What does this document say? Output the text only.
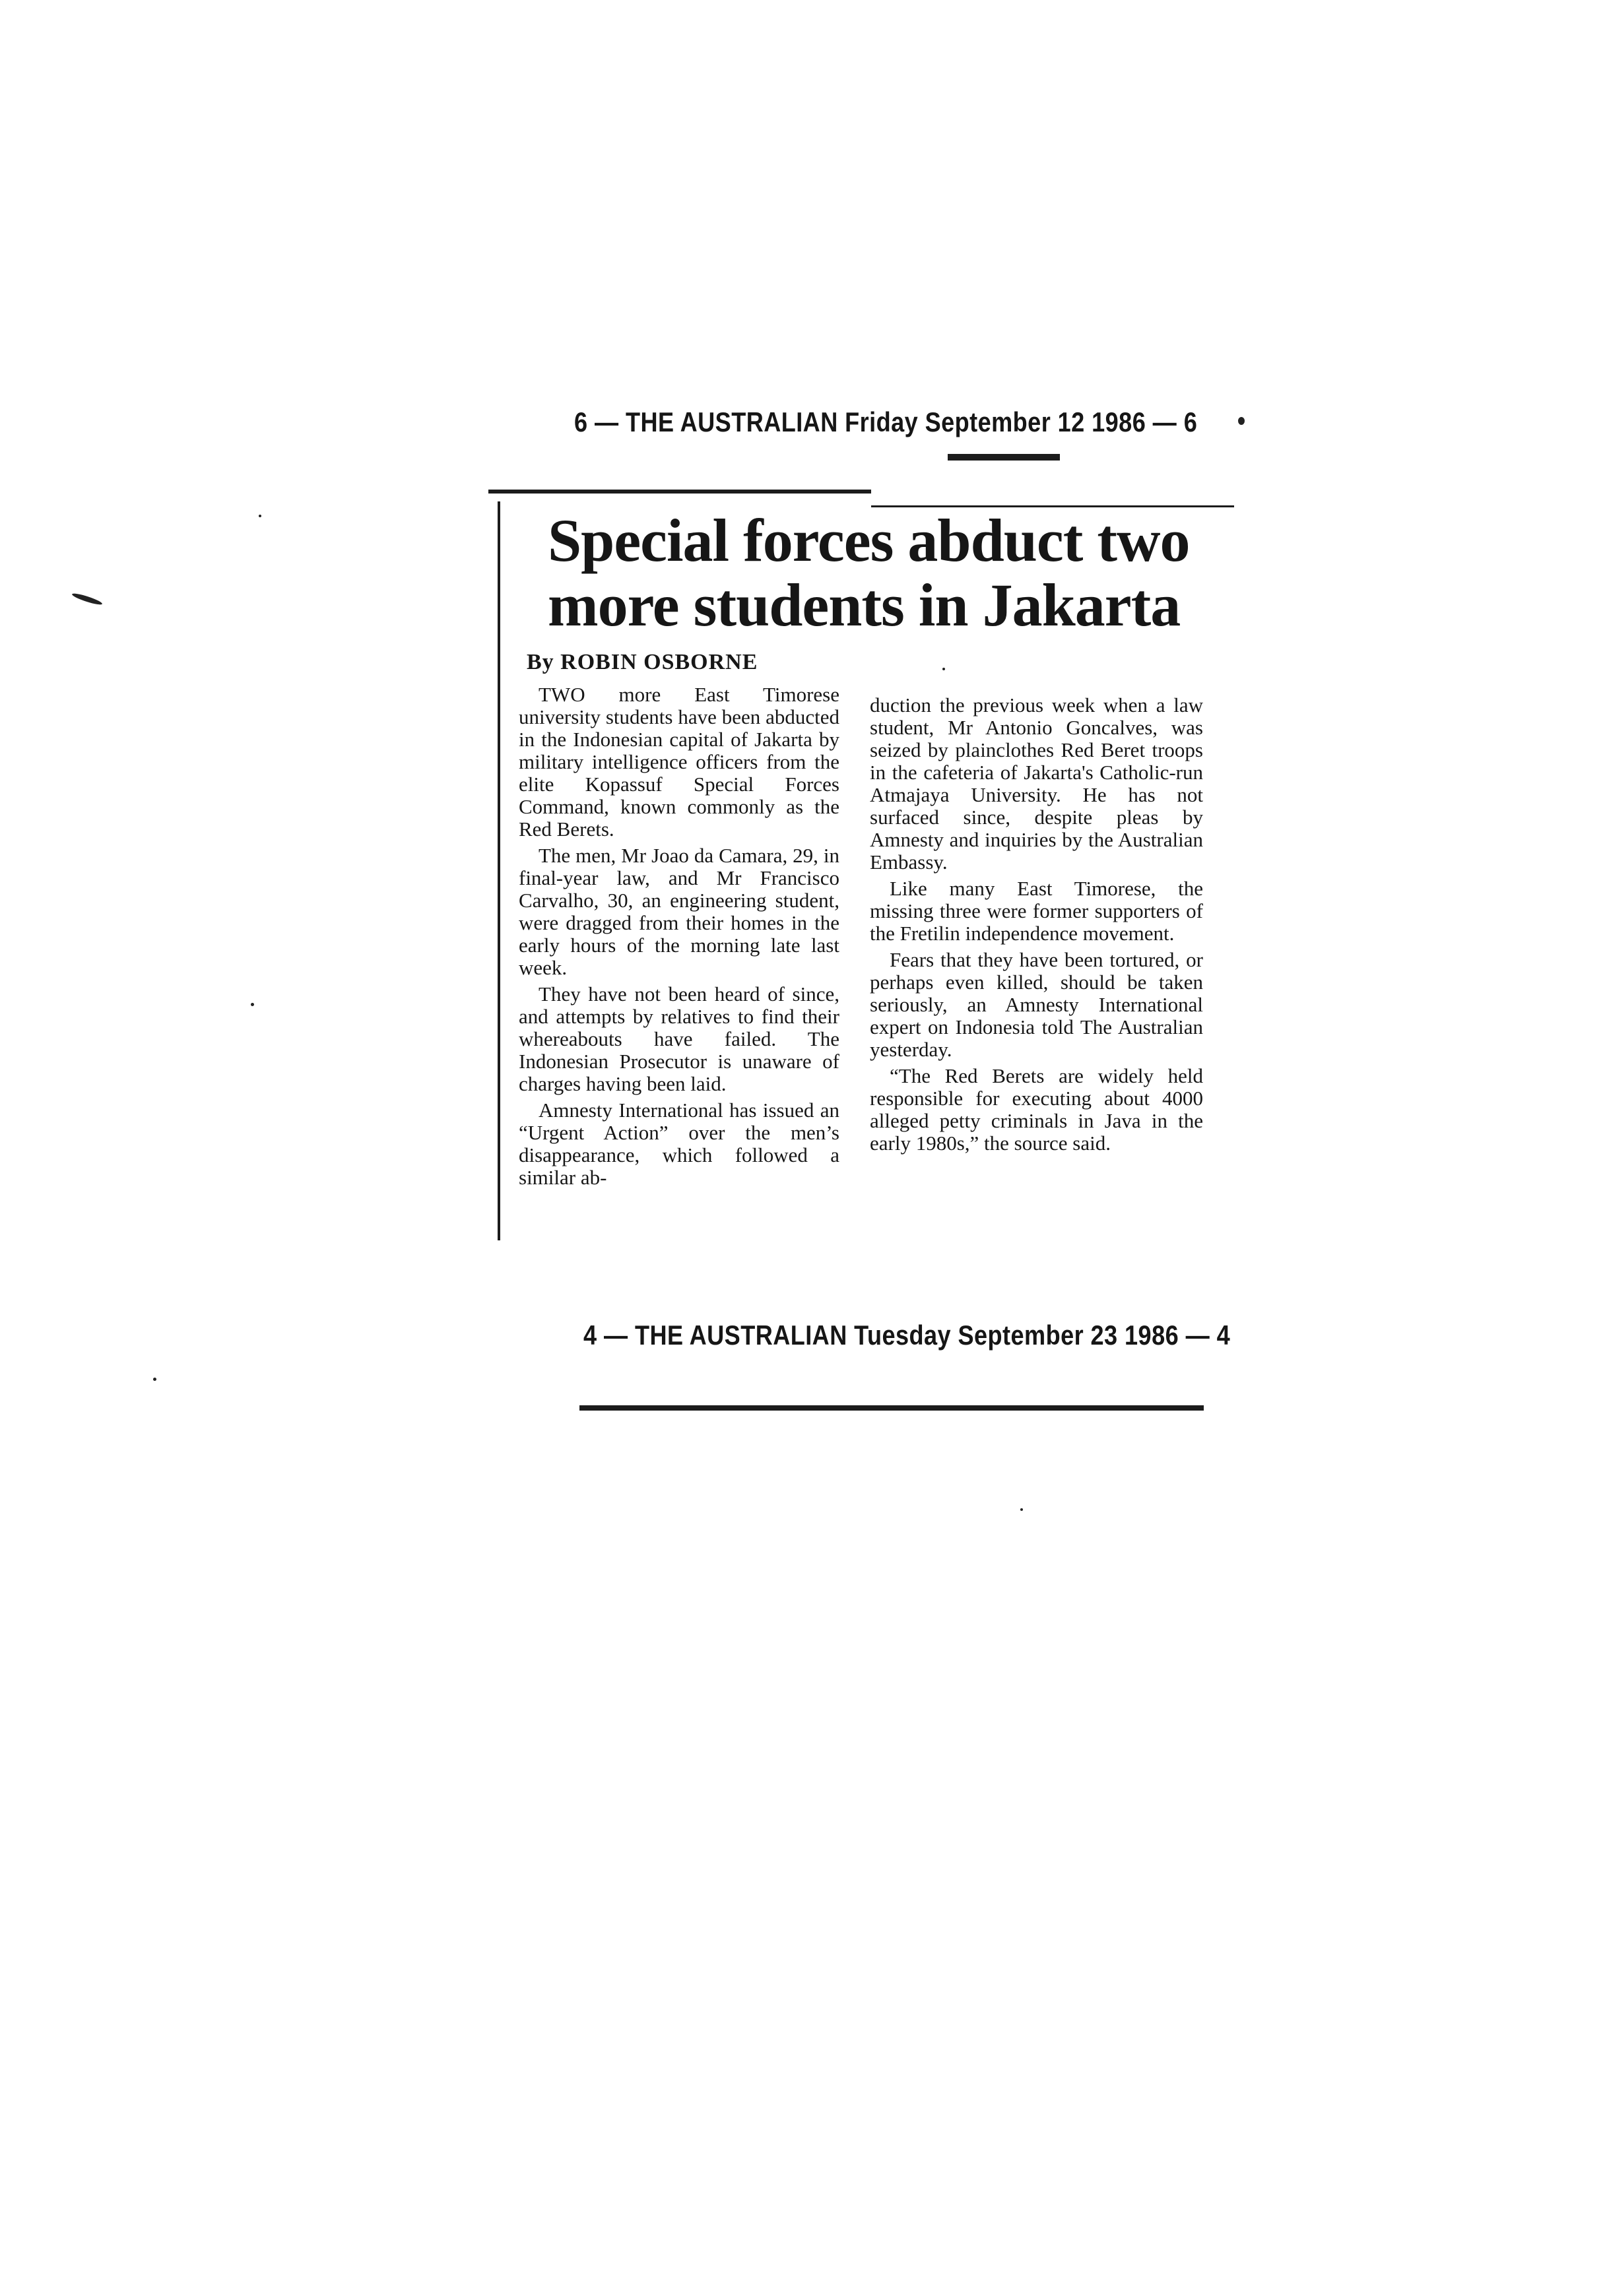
6 — THE AUSTRALIAN Friday September 12 1986 — 6
Special forces abduct two
more students in Jakarta
By ROBIN OSBORNE

TWO more East Timorese university students have been abducted in the Indonesian capital of Jakarta by military intelligence officers from the elite Kopassuf Special Forces Command, known commonly as the Red Berets.

The men, Mr Joao da Camara, 29, in final-year law, and Mr Francisco Carvalho, 30, an engineering student, were dragged from their homes in the early hours of the morning late last week.

They have not been heard of since, and attempts by relatives to find their whereabouts have failed. The Indonesian Prosecutor is unaware of charges having been laid.

Amnesty International has issued an “Urgent Action” over the men’s disappearance, which followed a similar ab-

duction the previous week when a law student, Mr Antonio Goncalves, was seized by plainclothes Red Beret troops in the cafeteria of Jakarta's Catholic-run Atmajaya University. He has not surfaced since, despite pleas by Amnesty and inquiries by the Australian Embassy.

Like many East Timorese, the missing three were former supporters of the Fretilin independence movement.

Fears that they have been tortured, or perhaps even killed, should be taken seriously, an Amnesty International expert on Indonesia told The Australian yesterday.

“The Red Berets are widely held responsible for executing about 4000 alleged petty criminals in Java in the early 1980s,” the source said.

4 — THE AUSTRALIAN Tuesday September 23 1986 — 4
